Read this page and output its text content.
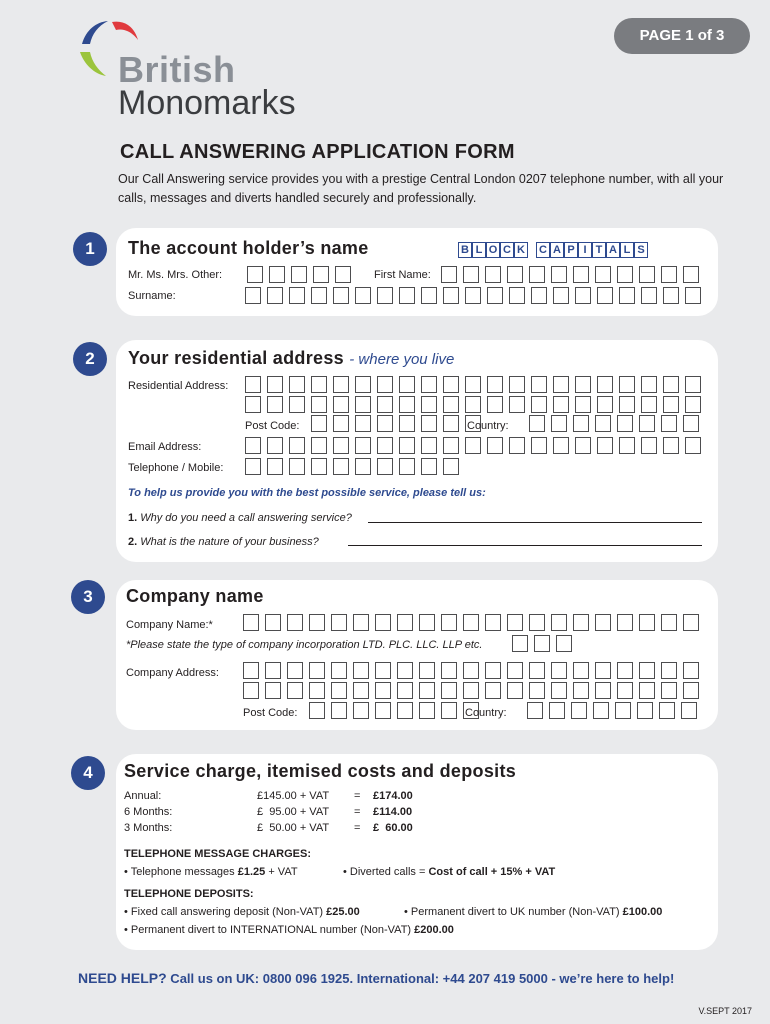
British
Monomarks
PAGE 1 of 3
CALL ANSWERING APPLICATION FORM
Our Call Answering service provides you with a prestige Central London 0207 telephone number, with all your calls, messages and diverts handled securely and professionally.
1	The account holder’s name	B L O C K C A P I T A L S
Mr. Ms. Mrs. Other:	First Name:
Surname:
2	Your residential address - where you live
Residential Address:
Post Code:	Country:
Email Address:
Telephone / Mobile:
To help us provide you with the best possible service, please tell us:
1. Why do you need a call answering service?
2. What is the nature of your business?
3	Company name
Company Name:*
*Please state the type of company incorporation LTD. PLC. LLC. LLP etc.
Company Address:
Post Code:	Country:
4	Service charge, itemised costs and deposits
Annual:	£145.00 + VAT = £174.00
6 Months:	£  95.00 + VAT = £114.00
3 Months:	£  50.00 + VAT = £  60.00
TELEPHONE MESSAGE CHARGES:
• Telephone messages £1.25 + VAT	• Diverted calls = Cost of call + 15% + VAT
TELEPHONE DEPOSITS:
• Fixed call answering deposit (Non-VAT) £25.00	• Permanent divert to UK number (Non-VAT) £100.00
• Permanent divert to INTERNATIONAL number (Non-VAT) £200.00
NEED HELP? Call us on UK: 0800 096 1925. International: +44 207 419 5000 - we’re here to help!
V.SEPT 2017
